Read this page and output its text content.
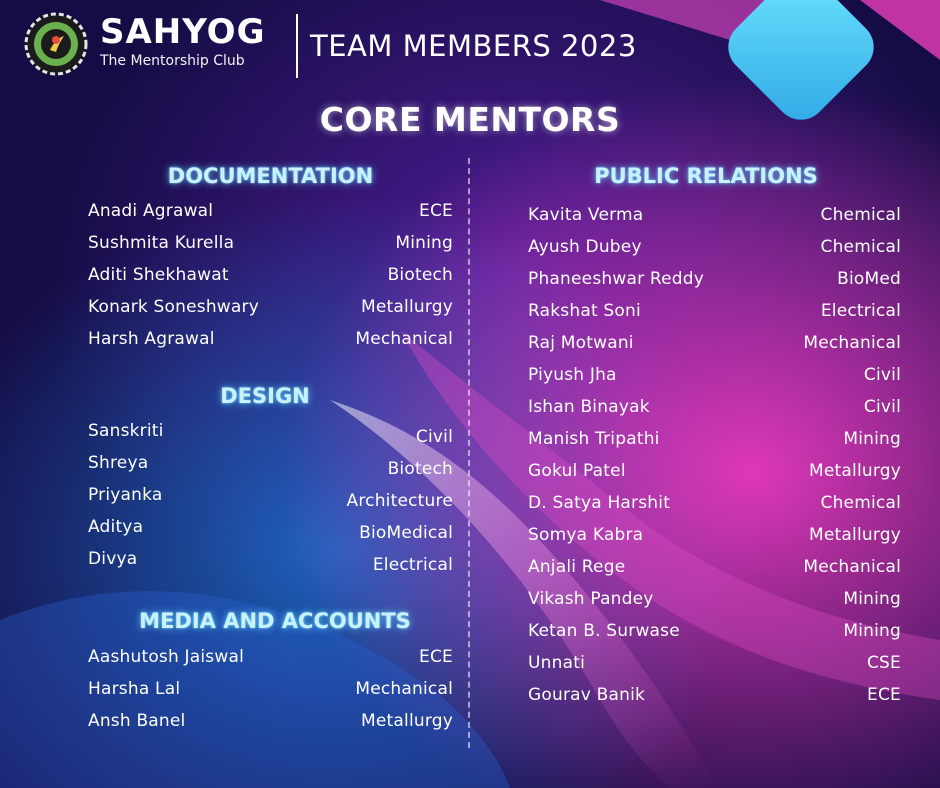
SAHYOG
The Mentorship Club	TEAM MEMBERS 2023
CORE MENTORS
DOCUMENTATION
Anadi Agrawal	ECE
Sushmita Kurella	Mining
Aditi Shekhawat	Biotech
Konark Soneshwary	Metallurgy
Harsh Agrawal	Mechanical
DESIGN
Sanskriti	Civil
Shreya	Biotech
Priyanka	Architecture
Aditya	BioMedical
Divya	Electrical
MEDIA AND ACCOUNTS
Aashutosh Jaiswal	ECE
Harsha Lal	Mechanical
Ansh Banel	Metallurgy
PUBLIC RELATIONS
Kavita Verma	Chemical
Ayush Dubey	Chemical
Phaneeshwar Reddy	BioMed
Rakshat Soni	Electrical
Raj Motwani	Mechanical
Piyush Jha	Civil
Ishan Binayak	Civil
Manish Tripathi	Mining
Gokul Patel	Metallurgy
D. Satya Harshit	Chemical
Somya Kabra	Metallurgy
Anjali Rege	Mechanical
Vikash Pandey	Mining
Ketan B. Surwase	Mining
Unnati	CSE
Gourav Banik	ECE
